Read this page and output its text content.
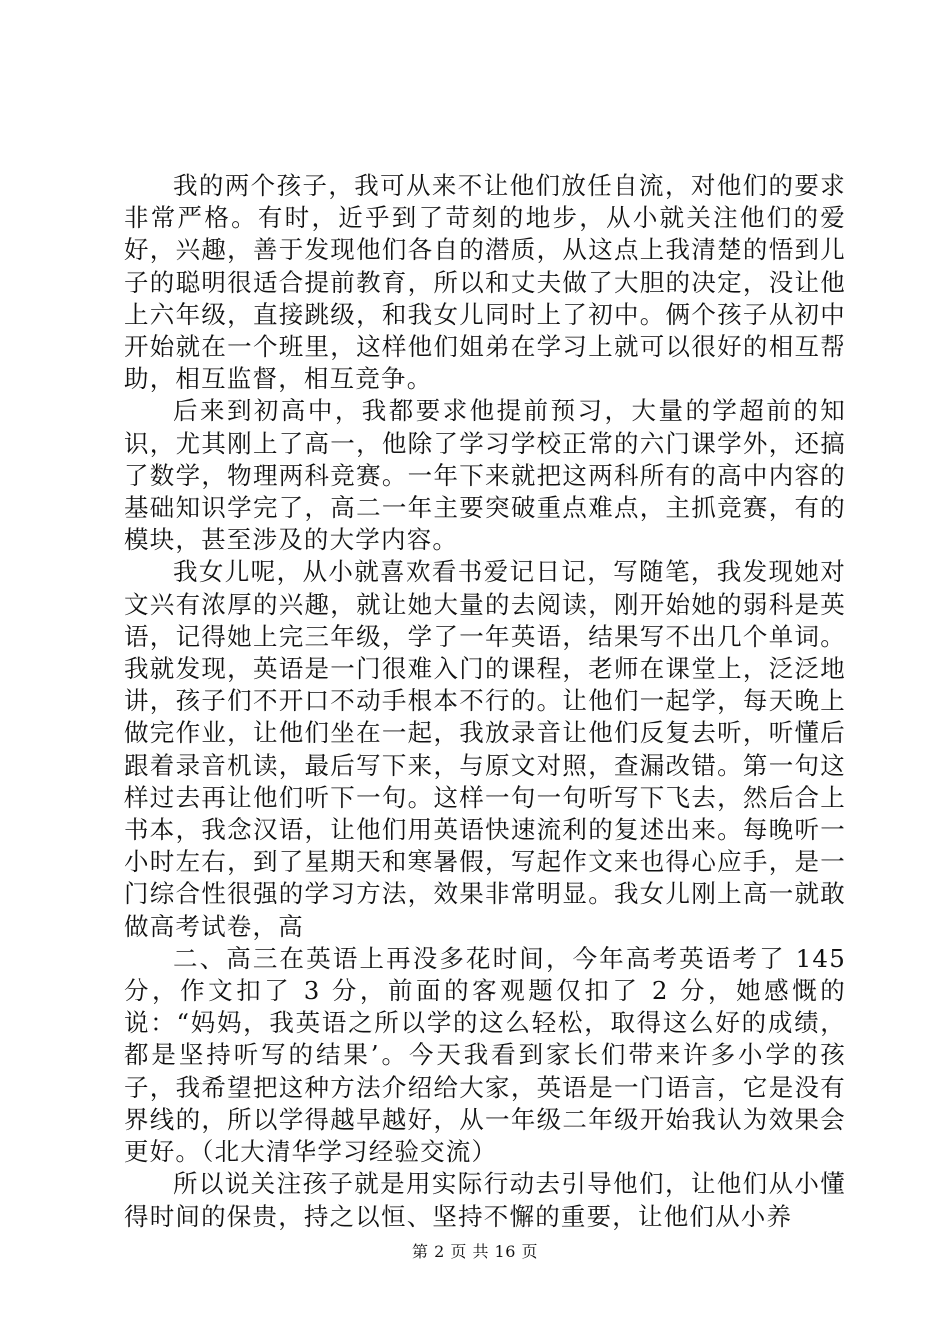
我的两个孩子，我可从来不让他们放任自流，对他们的要求非常严格。有时，近乎到了苛刻的地步，从小就关注他们的爱好，兴趣，善于发现他们各自的潜质，从这点上我清楚的悟到儿子的聪明很适合提前教育，所以和丈夫做了大胆的决定，没让他上六年级，直接跳级，和我女儿同时上了初中。俩个孩子从初中开始就在一个班里，这样他们姐弟在学习上就可以很好的相互帮助，相互监督，相互竞争。

后来到初高中，我都要求他提前预习，大量的学超前的知识，尤其刚上了高一，他除了学习学校正常的六门课学外，还搞了数学，物理两科竞赛。一年下来就把这两科所有的高中内容的基础知识学完了，高二一年主要突破重点难点，主抓竞赛，有的模块，甚至涉及的大学内容。

我女儿呢，从小就喜欢看书爱记日记，写随笔，我发现她对文兴有浓厚的兴趣，就让她大量的去阅读，刚开始她的弱科是英语，记得她上完三年级，学了一年英语，结果写不出几个单词。我就发现，英语是一门很难入门的课程，老师在课堂上，泛泛地讲，孩子们不开口不动手根本不行的。让他们一起学，每天晚上做完作业，让他们坐在一起，我放录音让他们反复去听，听懂后跟着录音机读，最后写下来，与原文对照，查漏改错。第一句这样过去再让他们听下一句。这样一句一句听写下飞去，然后合上书本，我念汉语，让他们用英语快速流利的复述出来。每晚听一小时左右，到了星期天和寒暑假，写起作文来也得心应手，是一门综合性很强的学习方法，效果非常明显。我女儿刚上高一就敢做高考试卷，高

二、高三在英语上再没多花时间，今年高考英语考了 145 分，作文扣了 3 分，前面的客观题仅扣了 2 分，她感慨的说：“妈妈，我英语之所以学的这么轻松，取得这么好的成绩，都是坚持听写的结果’。今天我看到家长们带来许多小学的孩子，我希望把这种方法介绍给大家，英语是一门语言，它是没有界线的，所以学得越早越好，从一年级二年级开始我认为效果会更好。（北大清华学习经验交流）

所以说关注孩子就是用实际行动去引导他们，让他们从小懂得时间的保贵，持之以恒、坚持不懈的重要，让他们从小养

第 2 页 共 16 页
